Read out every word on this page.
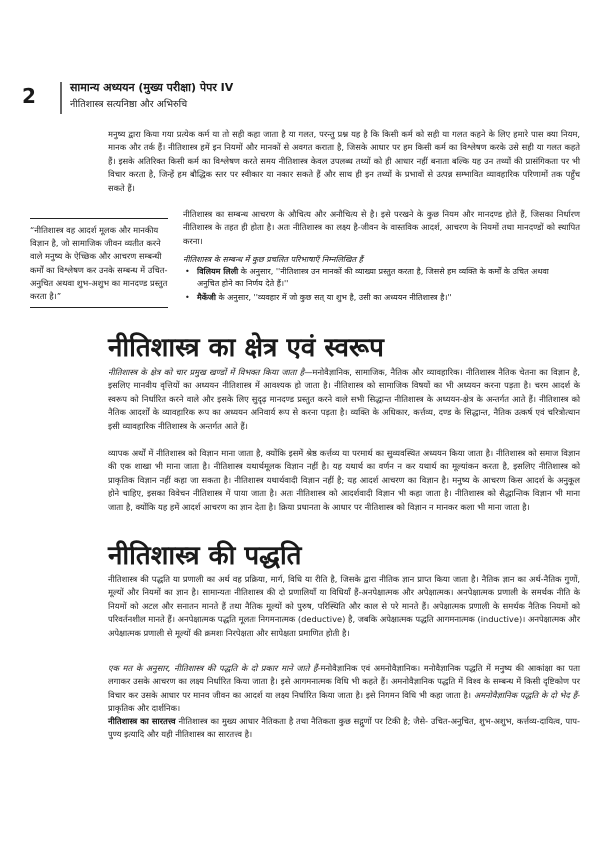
2	सामान्य अध्ययन (मुख्य परीक्षा) पेपर IV
नीतिशास्त्र सत्यनिष्ठा और अभिरुचि

मनुष्य द्वारा किया गया प्रत्येक कर्म या तो सही कहा जाता है या गलत, परन्तु प्रश्न यह है कि किसी कर्म को सही या गलत कहने के लिए हमारे पास क्या नियम, मानक और तर्क हैं। नीतिशास्त्र हमें इन नियमों और मानकों से अवगत कराता है, जिसके आधार पर हम किसी कर्म का विश्लेषण करके उसे सही या गलत कहते हैं। इसके अतिरिक्त किसी कर्म का विश्लेषण करते समय नीतिशास्त्र केवल उपलब्ध तथ्यों को ही आधार नहीं बनाता बल्कि यह उन तथ्यों की प्रासंगिकता पर भी विचार करता है, जिन्हें हम बौद्धिक स्तर पर स्वीकार या नकार सकते हैं और साथ ही इन तथ्यों के प्रभावों से उत्पन्न सम्भावित व्यावहारिक परिणामों तक पहुँच सकते हैं।

“नीतिशास्त्र वह आदर्श मूलक और मानकीय विज्ञान है, जो सामाजिक जीवन व्यतीत करने वाले मनुष्य के ऐच्छिक और आचरण सम्बन्धी कर्मों का विश्लेषण कर उनके सम्बन्ध में उचित-अनुचित अथवा शुभ-अशुभ का मानदण्ड प्रस्तुत करता है।”

नीतिशास्त्र का सम्बन्ध आचरण के औचित्य और अनौचित्य से है। इसे परखने के कुछ नियम और मानदण्ड होते हैं, जिसका निर्धारण नीतिशास्त्र के तहत ही होता है। अतः नीतिशास्त्र का लक्ष्य है-जीवन के वास्तविक आदर्श, आचरण के नियमों तथा मानदण्डों को स्थापित करना।

नीतिशास्त्र के सम्बन्ध में कुछ प्रचलित परिभाषाएँ निम्नलिखित हैं
• विलियम लिली के अनुसार, ''नीतिशास्त्र उन मानकों की व्याख्या प्रस्तुत करता है, जिससे हम व्यक्ति के कर्मों के उचित अथवा अनुचित होने का निर्णय देते हैं।''
• मैकेंजी के अनुसार, ''व्यवहार में जो कुछ सत् या शुभ है, उसी का अध्ययन नीतिशास्त्र है।''
नीतिशास्त्र का क्षेत्र एवं स्वरूप

नीतिशास्त्र के क्षेत्र को चार प्रमुख खण्डों में विभक्त किया जाता है—मनोवैज्ञानिक, सामाजिक, नैतिक और व्यावहारिक। नीतिशास्त्र नैतिक चेतना का विज्ञान है, इसलिए मानवीय वृत्तियों का अध्ययन नीतिशास्त्र में आवश्यक हो जाता है। नीतिशास्त्र को सामाजिक विषयों का भी अध्ययन करना पड़ता है। चरम आदर्श के स्वरूप को निर्धारित करने वाले और इसके लिए सुदृढ़ मानदण्ड प्रस्तुत करने वाले सभी सिद्धान्त नीतिशास्त्र के अध्ययन-क्षेत्र के अन्तर्गत आते हैं। नीतिशास्त्र को नैतिक आदर्शों के व्यावहारिक रूप का अध्ययन अनिवार्य रूप से करना पड़ता है। व्यक्ति के अधिकार, कर्त्तव्य, दण्ड के सिद्धान्त, नैतिक उत्कर्ष एवं चरित्रोत्थान इसी व्यावहारिक नीतिशास्त्र के अन्तर्गत आते हैं।

व्यापक अर्थों में नीतिशास्त्र को विज्ञान माना जाता है, क्योंकि इसमें श्रेष्ठ कर्त्तव्य या परमार्थ का सुव्यवस्थित अध्ययन किया जाता है। नीतिशास्त्र को समाज विज्ञान की एक शाखा भी माना जाता है। नीतिशास्त्र यथार्थमूलक विज्ञान नहीं है। यह यथार्थ का वर्णन न कर यथार्थ का मूल्यांकन करता है, इसलिए नीतिशास्त्र को प्राकृतिक विज्ञान नहीं कहा जा सकता है। नीतिशास्त्र यथार्थवादी विज्ञान नहीं है; यह आदर्श आचरण का विज्ञान है। मनुष्य के आचरण किस आदर्श के अनुकूल होने चाहिए, इसका विवेचन नीतिशास्त्र में पाया जाता है। अतः नीतिशास्त्र को आदर्शवादी विज्ञान भी कहा जाता है। नीतिशास्त्र को सैद्धान्तिक विज्ञान भी माना जाता है, क्योंकि यह हमें आदर्श आचरण का ज्ञान देता है। क्रिया प्रधानता के आधार पर नीतिशास्त्र को विज्ञान न मानकर कला भी माना जाता है।

नीतिशास्त्र की पद्धति

नीतिशास्त्र की पद्धति या प्रणाली का अर्थ वह प्रक्रिया, मार्ग, विधि या रीति है, जिसके द्वारा नीतिक ज्ञान प्राप्त किया जाता है। नैतिक ज्ञान का अर्थ-नैतिक गुणों, मूल्यों और नियमों का ज्ञान है। सामान्यतः नीतिशास्त्र की दो प्रणालियाँ या विधियाँ हैं-अनपेक्षात्मक और अपेक्षात्मक। अनपेक्षात्मक प्रणाली के समर्थक नीति के नियमों को अटल और सनातन मानते हैं तथा नैतिक मूल्यों को पुरुष, परिस्थिति और काल से परे मानते हैं। अपेक्षात्मक प्रणाली के समर्थक नैतिक नियमों को परिवर्तनशील मानते हैं। अनपेक्षात्मक पद्धति मूलतः निगमनात्मक (deductive) है, जबकि अपेक्षात्मक पद्धति आगमनात्मक (inductive)। अनपेक्षात्मक और अपेक्षात्मक प्रणाली से मूल्यों की क्रमशः निरपेक्षता और सापेक्षता प्रमाणित होती है।

एक मत के अनुसार, नीतिशास्त्र की पद्धति के दो प्रकार माने जाते हैं-मनोवैज्ञानिक एवं अमनोवैज्ञानिक। मनोवैज्ञानिक पद्धति में मनुष्य की आकांक्षा का पता लगाकर उसके आचरण का लक्ष्य निर्धारित किया जाता है। इसे आगमनात्मक विधि भी कहते हैं। अमनोवैज्ञानिक पद्धति में विश्व के सम्बन्ध में किसी दृष्टिकोण पर विचार कर उसके आधार पर मानव जीवन का आदर्श या लक्ष्य निर्धारित किया जाता है। इसे निगमन विधि भी कहा जाता है। अमनोवैज्ञानिक पद्धति के दो भेद हैं-प्राकृतिक और दार्शनिक।

नीतिशास्त्र का सारतत्त्व नीतिशास्त्र का मुख्य आधार नैतिकता है तथा नैतिकता कुछ सद्गुणों पर टिकी है; जैसे- उचित-अनुचित, शुभ-अशुभ, कर्त्तव्य-दायित्व, पाप-पुण्य इत्यादि और यही नीतिशास्त्र का सारतत्त्व है।
